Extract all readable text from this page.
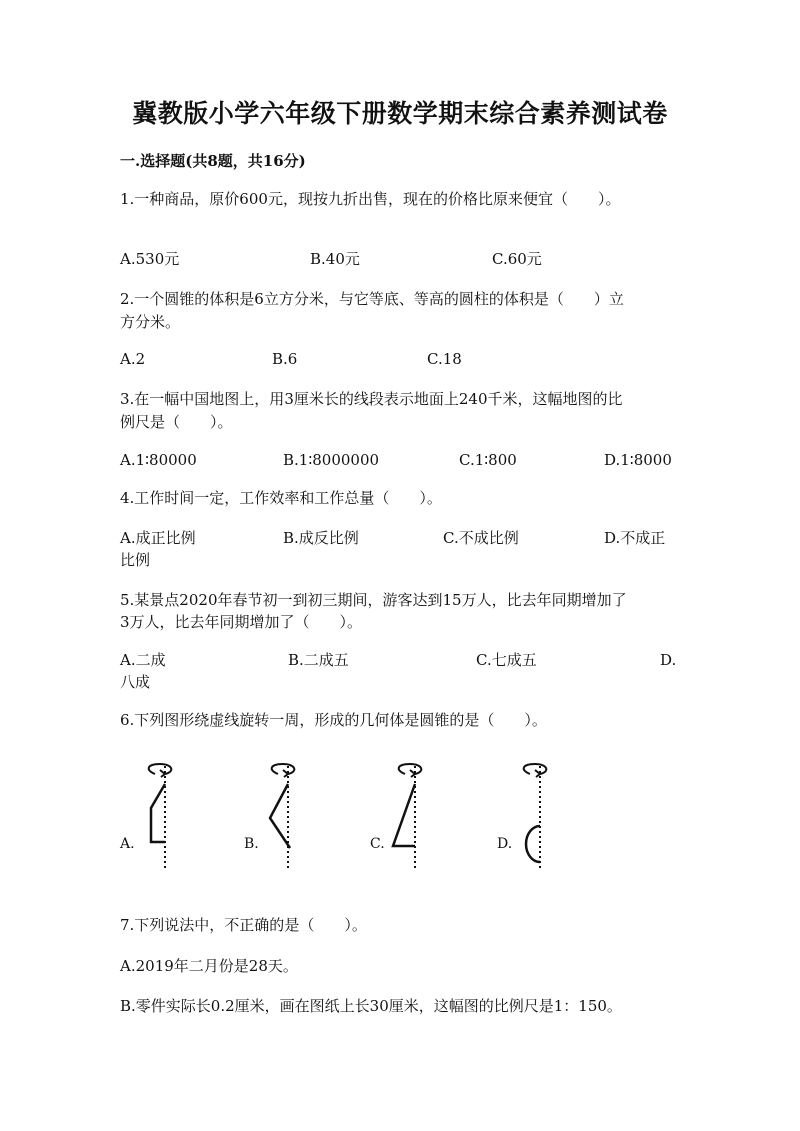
冀教版小学六年级下册数学期末综合素养测试卷
一.选择题(共8题，共16分)
1.一种商品，原价600元，现按九折出售，现在的价格比原来便宜（　　）。
A.530元	B.40元	C.60元
2.一个圆锥的体积是6立方分米，与它等底、等高的圆柱的体积是（　　）立
方分米。
A.2	B.6	C.18
3.在一幅中国地图上，用3厘米长的线段表示地面上240千米，这幅地图的比
例尺是（　　）。
A.1∶80000	B.1∶8000000	C.1∶800	D.1∶8000
4.工作时间一定，工作效率和工作总量（　　）。
A.成正比例	B.成反比例	C.不成比例	D.不成正
比例
5.某景点2020年春节初一到初三期间，游客达到15万人，比去年同期增加了
3万人，比去年同期增加了（　　）。
A.二成	B.二成五	C.七成五	D.
八成
6.下列图形绕虚线旋转一周，形成的几何体是圆锥的是（　　）。
A.	B.	C.	D.
7.下列说法中，不正确的是（　　）。
A.2019年二月份是28天。
B.零件实际长0.2厘米，画在图纸上长30厘米，这幅图的比例尺是1：150。
